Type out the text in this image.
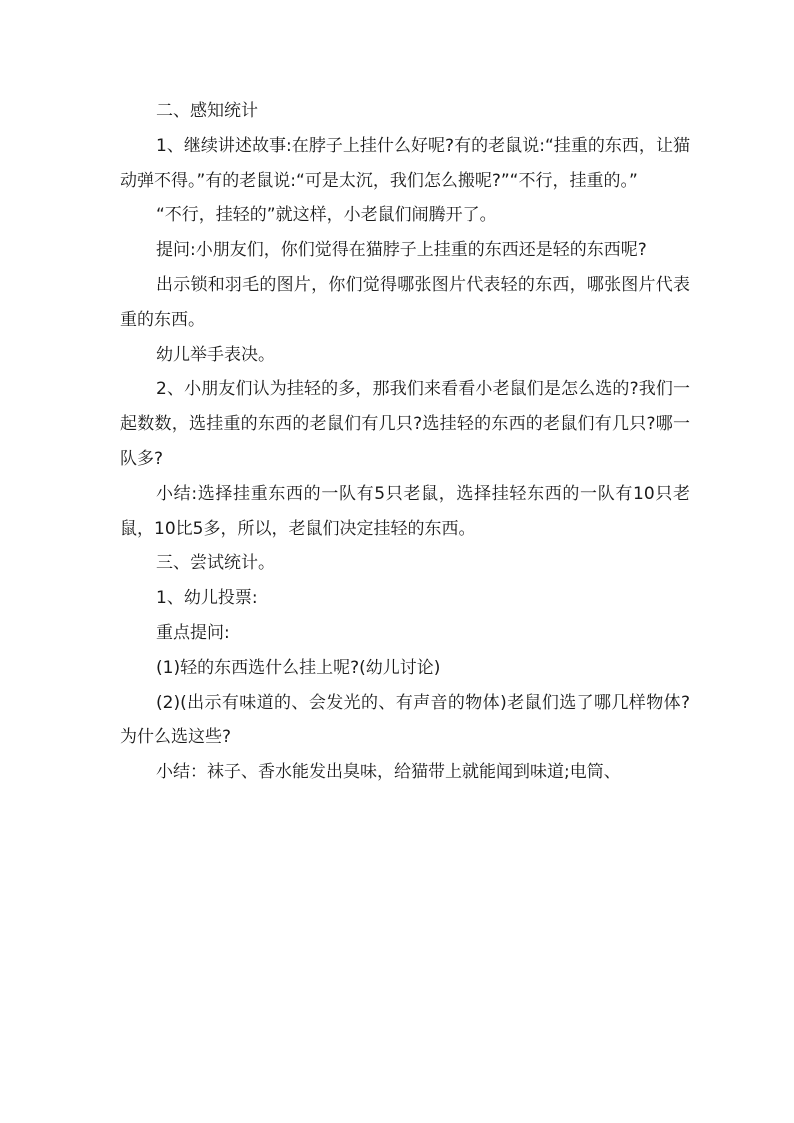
二、感知统计

1、继续讲述故事:在脖子上挂什么好呢?有的老鼠说:“挂重的东西，让猫动弹不得。”有的老鼠说:“可是太沉，我们怎么搬呢?”“不行，挂重的。”

“不行，挂轻的”就这样，小老鼠们闹腾开了。

提问:小朋友们，你们觉得在猫脖子上挂重的东西还是轻的东西呢?

出示锁和羽毛的图片，你们觉得哪张图片代表轻的东西，哪张图片代表重的东西。

幼儿举手表决。

2、小朋友们认为挂轻的多，那我们来看看小老鼠们是怎么选的?我们一起数数，选挂重的东西的老鼠们有几只?选挂轻的东西的老鼠们有几只?哪一队多?

小结:选择挂重东西的一队有5只老鼠，选择挂轻东西的一队有10只老鼠，10比5多，所以，老鼠们决定挂轻的东西。

三、尝试统计。

1、幼儿投票:

重点提问:

(1)轻的东西选什么挂上呢?(幼儿讨论)

(2)(出示有味道的、会发光的、有声音的物体)老鼠们选了哪几样物体?为什么选这些?

小结：袜子、香水能发出臭味，给猫带上就能闻到味道;电筒、
